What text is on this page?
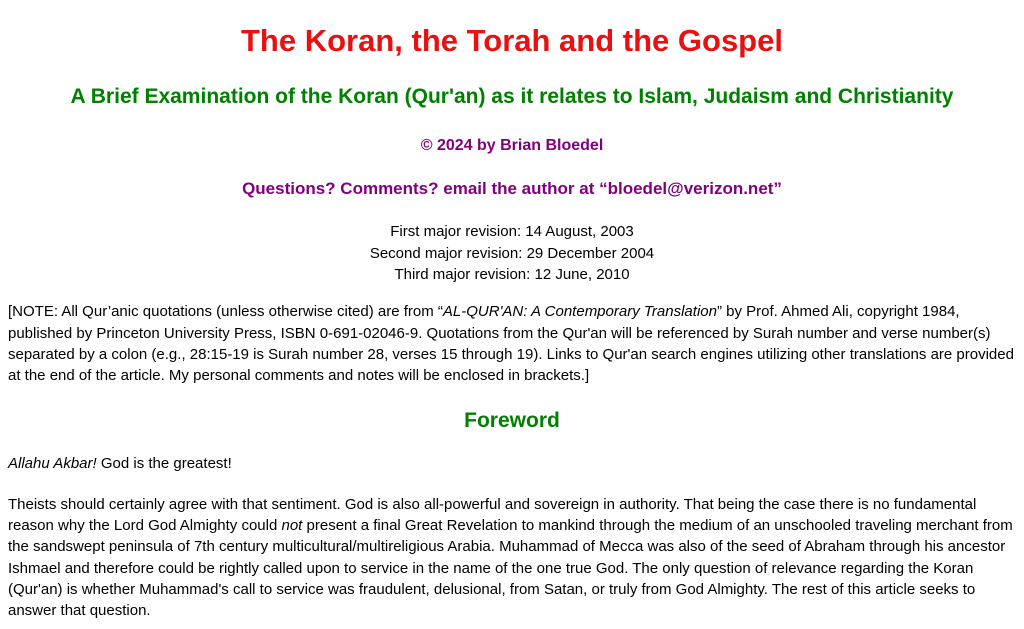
The Koran, the Torah and the Gospel
A Brief Examination of the Koran (Qur'an) as it relates to Islam, Judaism and Christianity
© 2024 by Brian Bloedel
Questions? Comments? email the author at “bloedel@verizon.net”
First major revision: 14 August, 2003
Second major revision: 29 December 2004
Third major revision: 12 June, 2010

[NOTE: All Qur’anic quotations (unless otherwise cited) are from “AL-QUR'AN: A Contemporary Translation” by Prof. Ahmed Ali, copyright 1984, published by Princeton University Press, ISBN 0-691-02046-9. Quotations from the Qur'an will be referenced by Surah number and verse number(s) separated by a colon (e.g., 28:15-19 is Surah number 28, verses 15 through 19). Links to Qur'an search engines utilizing other translations are provided at the end of the article. My personal comments and notes will be enclosed in brackets.]

Foreword

Allahu Akbar! God is the greatest!

Theists should certainly agree with that sentiment. God is also all-powerful and sovereign in authority. That being the case there is no fundamental reason why the Lord God Almighty could not present a final Great Revelation to mankind through the medium of an unschooled traveling merchant from the sandswept peninsula of 7th century multicultural/multireligious Arabia. Muhammad of Mecca was also of the seed of Abraham through his ancestor Ishmael and therefore could be rightly called upon to service in the name of the one true God. The only question of relevance regarding the Koran (Qur'an) is whether Muhammad's call to service was fraudulent, delusional, from Satan, or truly from God Almighty. The rest of this article seeks to answer that question.
